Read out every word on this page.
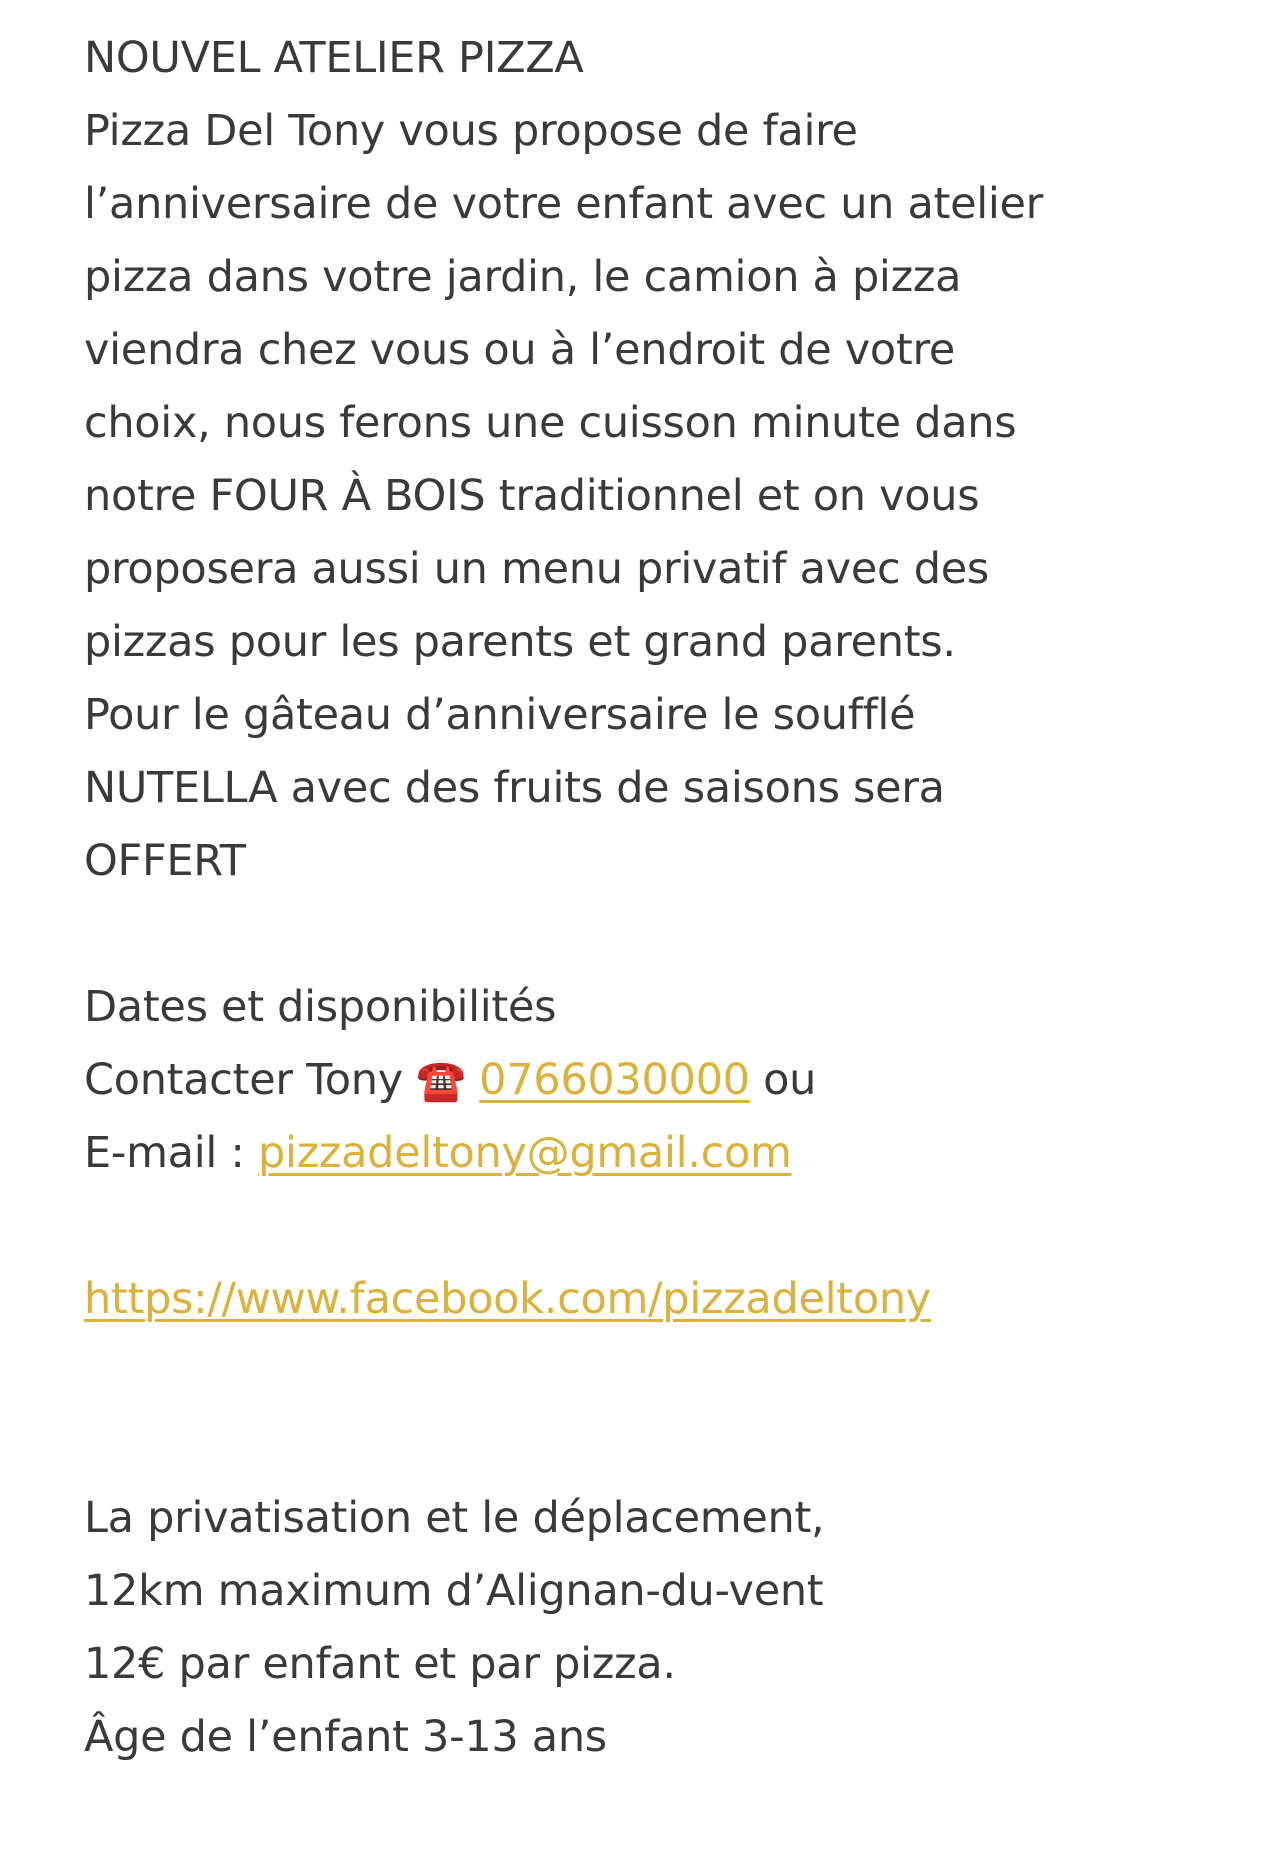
NOUVEL ATELIER PIZZA
Pizza Del Tony vous propose de faire
l’anniversaire de votre enfant avec un atelier
pizza dans votre jardin, le camion à pizza
viendra chez vous ou à l’endroit de votre
choix, nous ferons une cuisson minute dans
notre FOUR À BOIS traditionnel et on vous
proposera aussi un menu privatif avec des
pizzas pour les parents et grand parents.
Pour le gâteau d’anniversaire le soufflé
NUTELLA avec des fruits de saisons sera
OFFERT
Dates et disponibilités
Contacter Tony ☎️ 0766030000 ou
E-mail : pizzadeltony@gmail.com
https://www.facebook.com/pizzadeltony
La privatisation et le déplacement,
12km maximum d’Alignan-du-vent
12€ par enfant et par pizza.
Âge de l’enfant 3-13 ans
